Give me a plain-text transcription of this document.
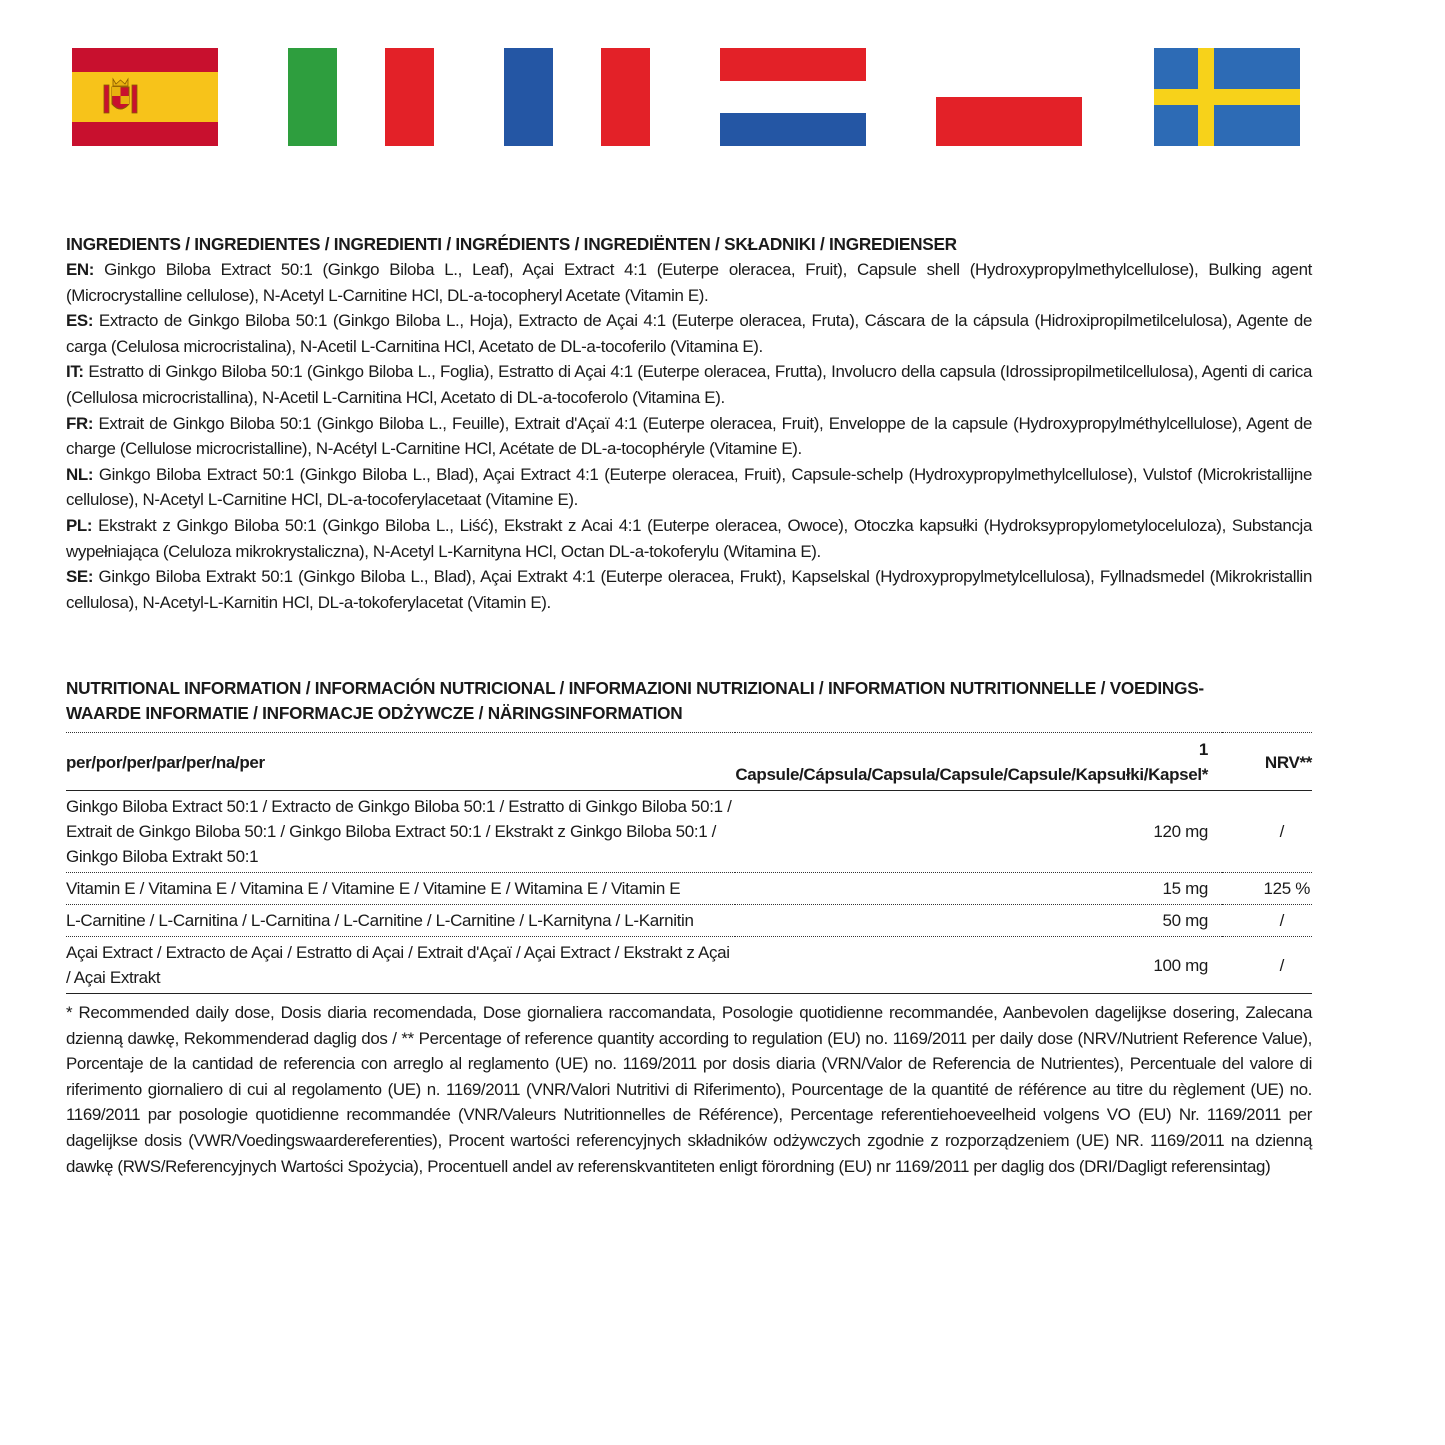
INGREDIENTS / INGREDIENTES / INGREDIENTI / INGRÉDIENTS / INGREDIËNTEN / SKŁADNIKI / INGREDIENSER

EN: Ginkgo Biloba Extract 50:1 (Ginkgo Biloba L., Leaf), Açai Extract 4:1 (Euterpe oleracea, Fruit), Capsule shell (Hydroxypropylmethylcellulose), Bulking agent (Microcrystalline cellulose), N-Acetyl L-Carnitine HCl, DL-a-tocopheryl Acetate (Vitamin E).

ES: Extracto de Ginkgo Biloba 50:1 (Ginkgo Biloba L., Hoja), Extracto de Açai 4:1 (Euterpe oleracea, Fruta), Cáscara de la cápsula (Hidroxipropilmetilcelulosa), Agente de carga (Celulosa microcristalina), N-Acetil L-Carnitina HCl, Acetato de DL-a-tocoferilo (Vitamina E).

IT: Estratto di Ginkgo Biloba 50:1 (Ginkgo Biloba L., Foglia), Estratto di Açai 4:1 (Euterpe oleracea, Frutta), Involucro della capsula (Idrossipropilmetilcellulosa), Agenti di carica (Cellulosa microcristallina), N-Acetil L-Carnitina HCl, Acetato di DL-a-tocoferolo (Vitamina E).

FR: Extrait de Ginkgo Biloba 50:1 (Ginkgo Biloba L., Feuille), Extrait d'Açaï 4:1 (Euterpe oleracea, Fruit), Enveloppe de la capsule (Hydroxypropylméthylcellulose), Agent de charge (Cellulose microcristalline), N-Acétyl L-Carnitine HCl, Acétate de DL-a-tocophéryle (Vitamine E).

NL: Ginkgo Biloba Extract 50:1 (Ginkgo Biloba L., Blad), Açai Extract 4:1 (Euterpe oleracea, Fruit), Capsule-schelp (Hydroxypropylmethylcellulose), Vulstof (Microkristallijne cellulose), N-Acetyl L-Carnitine HCl, DL-a-tocoferylacetaat (Vitamine E).

PL: Ekstrakt z Ginkgo Biloba 50:1 (Ginkgo Biloba L., Liść), Ekstrakt z Acai 4:1 (Euterpe oleracea, Owoce), Otoczka kapsułki (Hydroksypropylometyloceluloza), Substancja wypełniająca (Celuloza mikrokrystaliczna), N-Acetyl L-Karnityna HCl, Octan DL-a-tokoferylu (Witamina E).

SE: Ginkgo Biloba Extrakt 50:1 (Ginkgo Biloba L., Blad), Açai Extrakt 4:1 (Euterpe oleracea, Frukt), Kapselskal (Hydroxypropylmetylcellulosa), Fyllnadsmedel (Mikrokristallin cellulosa), N-Acetyl-L-Karnitin HCl, DL-a-tokoferylacetat (Vitamin E).

NUTRITIONAL INFORMATION / INFORMACIÓN NUTRICIONAL / INFORMAZIONI NUTRIZIONALI / INFORMATION NUTRITIONNELLE / VOEDINGS-
WAARDE INFORMATIE / INFORMACJE ODŻYWCZE / NÄRINGSINFORMATION
per/por/per/par/per/na/per	1 Capsule/Cápsula/Capsula/Capsule/Capsule/Kapsułki/Kapsel*	NRV**
Ginkgo Biloba Extract 50:1 / Extracto de Ginkgo Biloba 50:1 / Estratto di Ginkgo Biloba 50:1 /
Extrait de Ginkgo Biloba 50:1 / Ginkgo Biloba Extract 50:1 / Ekstrakt z Ginkgo Biloba 50:1 / Ginkgo Biloba Extrakt 50:1	120 mg	/
Vitamin E / Vitamina E / Vitamina E / Vitamine E / Vitamine E / Witamina E / Vitamin E	15 mg	125 %
L-Carnitine / L-Carnitina / L-Carnitina / L-Carnitine / L-Carnitine / L-Karnityna / L-Karnitin	50 mg	/
Açai Extract / Extracto de Açai / Estratto di Açai / Extrait d'Açaï / Açai Extract / Ekstrakt z Açai / Açai Extrakt	100 mg	/

* Recommended daily dose, Dosis diaria recomendada, Dose giornaliera raccomandata, Posologie quotidienne recommandée, Aanbevolen dagelijkse dosering, Zalecana dzienną dawkę, Rekommenderad daglig dos / ** Percentage of reference quantity according to regulation (EU) no. 1169/2011 per daily dose (NRV/Nutrient Reference Value), Porcentaje de la cantidad de referencia con arreglo al reglamento (UE) no. 1169/2011 por dosis diaria (VRN/Valor de Referencia de Nutrientes), Percentuale del valore di riferimento giornaliero di cui al regolamento (UE) n. 1169/2011 (VNR/Valori Nutritivi di Riferimento), Pourcentage de la quantité de référence au titre du règlement (UE) no. 1169/2011 par posologie quotidienne recommandée (VNR/Valeurs Nutritionnelles de Référence), Percentage referentiehoeveelheid volgens VO (EU) Nr. 1169/2011 per dagelijkse dosis (VWR/Voedingswaardereferenties), Procent wartości referencyjnych składników odżywczych zgodnie z rozporządzeniem (UE) NR. 1169/2011 na dzienną dawkę (RWS/Referencyjnych Wartości Spożycia), Procentuell andel av referenskvantiteten enligt förordning (EU) nr 1169/2011 per daglig dos (DRI/Dagligt referensintag)
